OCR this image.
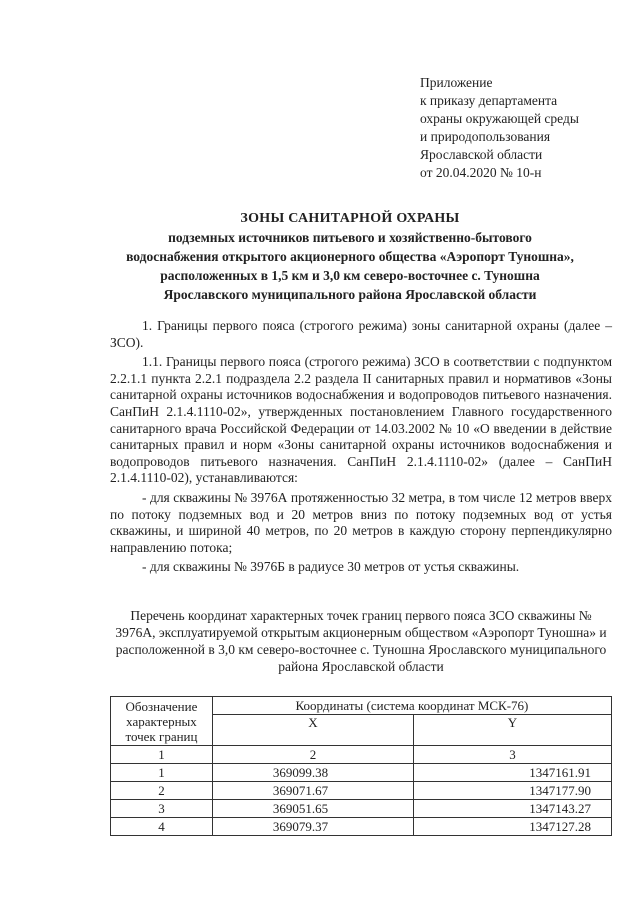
Приложение
к приказу департамента
охраны окружающей среды
и природопользования
Ярославской области
от 20.04.2020 № 10-н
ЗОНЫ САНИТАРНОЙ ОХРАНЫ
подземных источников питьевого и хозяйственно-бытового
водоснабжения открытого акционерного общества «Аэропорт Туношна»,
расположенных в 1,5 км и 3,0 км северо-восточнее с. Туношна
Ярославского муниципального района Ярославской области

1. Границы первого пояса (строгого режима) зоны санитарной охраны (далее – ЗСО).

1.1. Границы первого пояса (строгого режима) ЗСО в соответствии с подпунктом 2.2.1.1 пункта 2.2.1 подраздела 2.2 раздела II санитарных правил и нормативов «Зоны санитарной охраны источников водоснабжения и водопроводов питьевого назначения. СанПиН 2.1.4.1110-02», утвержденных постановлением Главного государственного санитарного врача Российской Федерации от 14.03.2002 № 10 «О введении в действие санитарных правил и норм «Зоны санитарной охраны источников водоснабжения и водопроводов питьевого назначения. СанПиН 2.1.4.1110-02» (далее – СанПиН 2.1.4.1110-02), устанавливаются:

- для скважины № 3976А протяженностью 32 метра, в том числе 12 метров вверх по потоку подземных вод и 20 метров вниз по потоку подземных вод от устья скважины, и шириной 40 метров, по 20 метров в каждую сторону перпендикулярно направлению потока;

- для скважины № 3976Б в радиусе 30 метров от устья скважины.

Перечень координат характерных точек границ первого пояса ЗСО скважины № 3976А, эксплуатируемой открытым акционерным обществом «Аэропорт Туношна» и расположенной в 3,0 км северо-восточнее с. Туношна Ярославского муниципального района Ярославской области
Обозначение характерных точек границ	Координаты (система координат МСК-76)	
	X	Y
1	2	3
1	369099.38	1347161.91
2	369071.67	1347177.90
3	369051.65	1347143.27
4	369079.37	1347127.28
